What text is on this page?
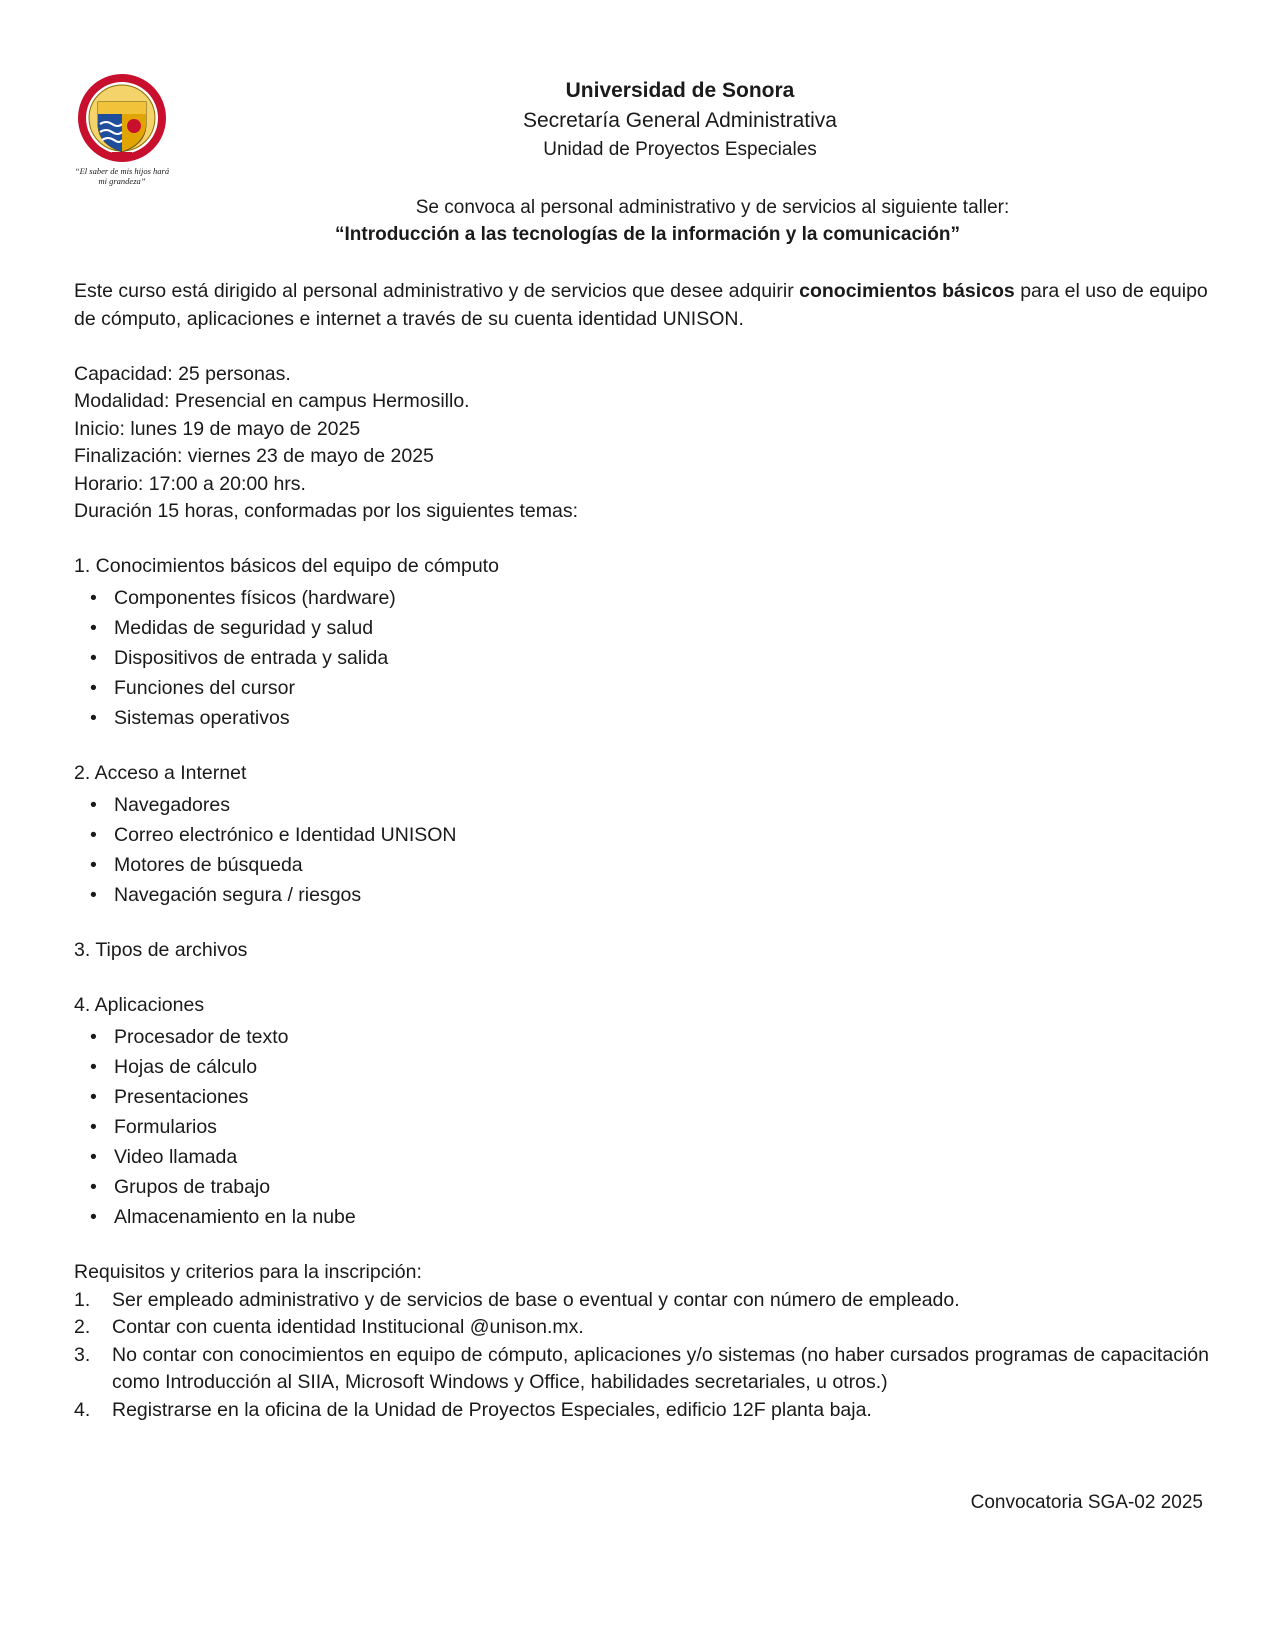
“El saber de mis hijos hará mi grandeza”
Universidad de Sonora
Secretaría General Administrativa
Unidad de Proyectos Especiales
Se convoca al personal administrativo y de servicios al siguiente taller:
“Introducción a las tecnologías de la información y la comunicación”

Este curso está dirigido al personal administrativo y de servicios que desee adquirir conocimientos básicos para el uso de equipo de cómputo, aplicaciones e internet a través de su cuenta identidad UNISON.

Capacidad: 25 personas.
Modalidad: Presencial en campus Hermosillo.
Inicio: lunes 19 de mayo de 2025
Finalización: viernes 23 de mayo de 2025
Horario: 17:00 a 20:00 hrs.
Duración 15 horas, conformadas por los siguientes temas:
1. Conocimientos básicos del equipo de cómputo
• Componentes físicos (hardware)
• Medidas de seguridad y salud
• Dispositivos de entrada y salida
• Funciones del cursor
• Sistemas operativos
2. Acceso a Internet
• Navegadores
• Correo electrónico e Identidad UNISON
• Motores de búsqueda
• Navegación segura / riesgos
3. Tipos de archivos
4. Aplicaciones
• Procesador de texto
• Hojas de cálculo
• Presentaciones
• Formularios
• Video llamada
• Grupos de trabajo
• Almacenamiento en la nube
Requisitos y criterios para la inscripción:
1. Ser empleado administrativo y de servicios de base o eventual y contar con número de empleado.
2. Contar con cuenta identidad Institucional @unison.mx.
3. No contar con conocimientos en equipo de cómputo, aplicaciones y/o sistemas (no haber cursados programas de capacitación como Introducción al SIIA, Microsoft Windows y Office, habilidades secretariales, u otros.)
4. Registrarse en la oficina de la Unidad de Proyectos Especiales, edificio 12F planta baja.
Convocatoria SGA-02 2025
